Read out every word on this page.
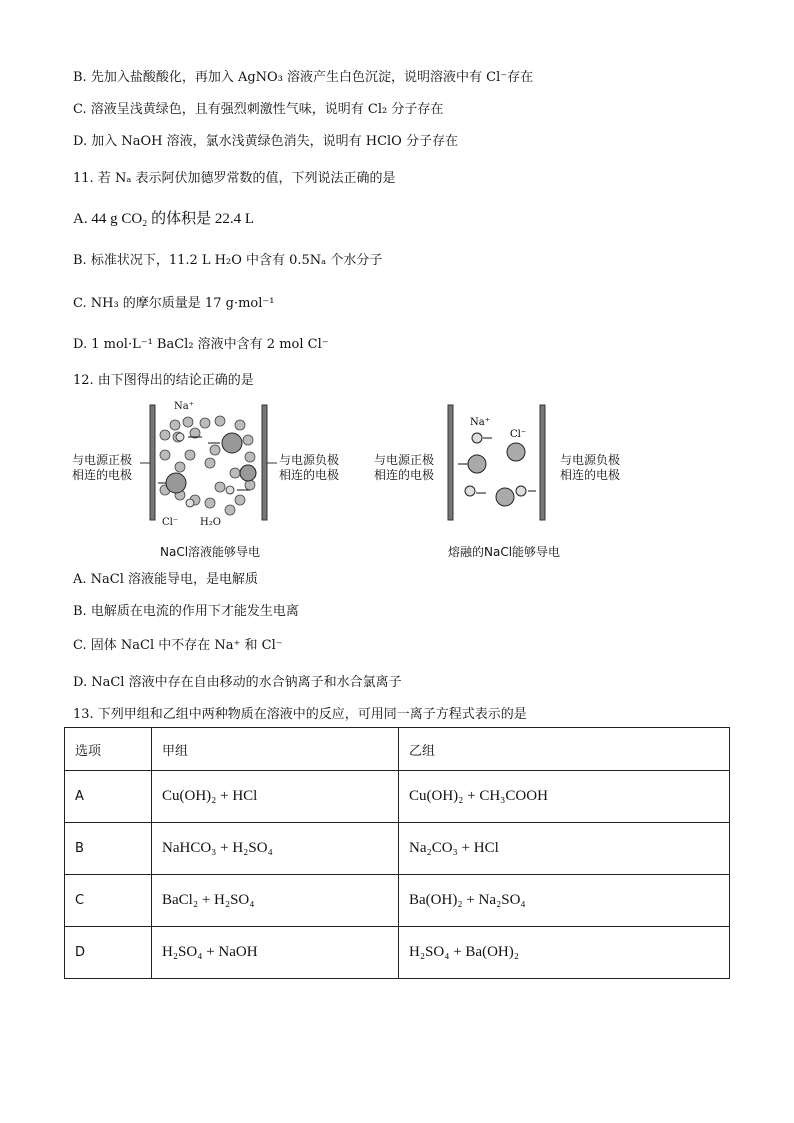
B. 先加入盐酸酸化，再加入 AgNO₃ 溶液产生白色沉淀，说明溶液中有 Cl⁻存在
C. 溶液呈浅黄绿色，且有强烈刺激性气味，说明有 Cl₂ 分子存在
D. 加入 NaOH 溶液，氯水浅黄绿色消失，说明有 HClO 分子存在
11. 若 Nₐ 表示阿伏加德罗常数的值，下列说法正确的是
A. 44 g CO₂ 的体积是 22.4 L
B. 标准状况下，11.2 L H₂O 中含有 0.5Nₐ 个水分子
C. NH₃ 的摩尔质量是 17 g·mol⁻¹
D. 1 mol·L⁻¹ BaCl₂ 溶液中含有 2 mol Cl⁻
12. 由下图得出的结论正确的是
Na⁺
Cl⁻ H₂O
与电源正极
相连的电极
与电源负极
相连的电极
NaCl溶液能够导电
Na⁺
Cl⁻
与电源正极
相连的电极
与电源负极
相连的电极
熔融的NaCl能够导电
A. NaCl 溶液能导电，是电解质
B. 电解质在电流的作用下才能发生电离
C. 固体 NaCl 中不存在 Na⁺ 和 Cl⁻
D. NaCl 溶液中存在自由移动的水合钠离子和水合氯离子
13. 下列甲组和乙组中两种物质在溶液中的反应，可用同一离子方程式表示的是
选项	甲组	乙组
A	Cu(OH)₂ + HCl	Cu(OH)₂ + CH₃COOH
B	NaHCO₃ + H₂SO₄	Na₂CO₃ + HCl
C	BaCl₂ + H₂SO₄	Ba(OH)₂ + Na₂SO₄
D	H₂SO₄ + NaOH	H₂SO₄ + Ba(OH)₂
